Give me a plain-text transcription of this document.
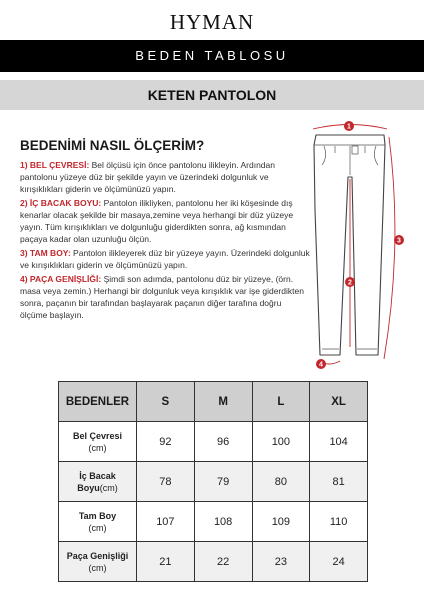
HYMAN
BEDEN TABLOSU
KETEN PANTOLON
BEDENİMİ NASIL ÖLÇERİM?

1) BEL ÇEVRESİ: Bel ölçüsü için önce pantolonu ilikleyin. Ardından pantolonu yüzeye düz bir şekilde yayın ve üzerindeki dolgunluk ve kırışıklıkları giderin ve ölçümünüzü yapın.

2) İÇ BACAK BOYU: Pantolon ilikliyken, pantolonu her iki köşesinde dış kenarlar olacak şekilde bir masaya,zemine veya herhangi bir düz yüzeye yayın. Tüm kırışıklıkları ve dolgunluğu giderdikten sonra, ağ kısmından paçaya kadar olan uzunluğu ölçün.

3) TAM BOY: Pantolon ilikleyerek düz bir yüzeye yayın. Üzerindeki dolgunluk ve kırışıklıkları giderin ve ölçümünüzü yapın.

4) PAÇA GENİŞLİĞİ: Şimdi son adımda, pantolonu düz bir yüzeye, (örn. masa veya zemin.) Herhangi bir dolgunluk veya kırışıklık var işe giderdikten sonra, paçanın bir tarafından başlayarak paçanın diğer tarafına doğru ölçüme başlayın.

1
2
3
4
BEDENLER	S	M	L	XL
Bel Çevresi
(cm)	92	96	100	104
İç Bacak Boyu(cm)	78	79	80	81
Tam Boy
(cm)	107	108	109	110
Paça Genişliği
(cm)	21	22	23	24
